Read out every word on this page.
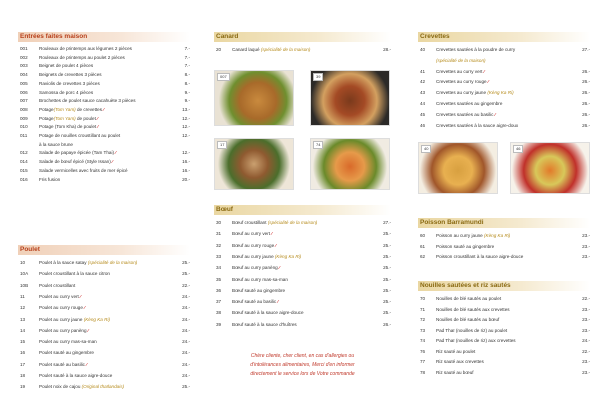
Entrées faites maison
001	Rouleaux de printemps aux légumes 2 pièces	7.-
002	Rouleaux de printemps au poulet 2 pièces	7.-
003	Beignet de poulet 4 pièces	7.-
004	Beignets de crevettes 3 pièces	8.-
005	Raviolis de crevettes 3 pièces	8.-
006	Samossa de porc 4 pièces	9.-
007	Brochettes de poulet sauce cacahuète 3 pièces	9.-
008	Potage(Tom Yam) de crevettes ⁄	13.-
009	Potage(Tom Yam) de poulet ⁄	12.-
010	Potage (Tom Kha) de poulet ⁄	12.-
011	Potage de nouilles croustillant au poulet	12.-
à la sauce brune
012	Salade de papaye épicée (Tam Thai) ⁄	12.-
014	Salade de bœuf épicé (Style Issan) ⁄	16.-
015	Salade vermicelles avec fruits de mer épicé	16.-
016	Fris fusion	20.-
Poulet
10	Poulet à la sauce satay (spécialité de la maison)	25.-
10A	Poulet croustillant à la sauce citron	25.-
10B	Poulet croustillant	22.-
11	Poulet au curry vert ⁄	24.-
12	Poulet au curry rouge ⁄	24.-
13	Poulet au curry jaune (Kèng Ka Ri)	24.-
14	Poulet au curry panèng ⁄	24.-
15	Poulet au curry mas-sa-man	24.-
16	Poulet sauté au gingembre	24.-
17	Poulet sauté au basilic ⁄	24.-
18	Poulet sauté à la sauce aigre-douce	24.-
19	Poulet noix de cajou (Original thaïlandais)	25.-
Canard
20	Canard laqué (spécialité de la maison)	28.-
007	39
17	74
Bœuf
30	Bœuf croustillant (spécialité de la maison)	27.-
31	Bœuf au curry vert ⁄	25.-
32	Bœuf au curry rouge ⁄	25.-
33	Bœuf au curry jaune (Kèng Ka Ri)	25.-
34	Bœuf au curry panèng ⁄	25.-
35	Bœuf au curry mas-sa-man	25.-
36	Bœuf sauté au gingembre	25.-
37	Bœuf sauté au basilic ⁄	25.-
38	Bœuf sauté à la sauce aigre-douce	25.-
39	Bœuf sauté à la sauce d'huîtres	26.-
Chère cliente, cher client, en cas d'allergies ou
d'intolérances alimentaires, Merci d'en informer
directement le service lors de Votre commande
Crevettes
40	Crevettes sautées à la poudre de curry	27.-
(spécialité de la maison)
41	Crevettes au curry vert ⁄	26.-
42	Crevettes au curry rouge ⁄	26.-
43	Crevettes au curry jaune (Kèng Ka Ri)	26.-
44	Crevettes sautées au gingembre	26.-
45	Crevettes sautées au basilic ⁄	26.-
46	Crevettes sautées à la sauce aigre-doux	26.-
40	46
Poisson Barramundi
60	Poisson au curry jaune (Kèng Ka Ri)	23.-
61	Poisson sauté au gingembre	23.-
62	Poisson croustillant à la sauce aigre-douce	23.-
Nouilles sautées et riz sautés
70	Nouilles de blé sautés au poulet	22.-
71	Nouilles de blé sautés aux crevettes	23.-
72	Nouilles de blé sautés au bœuf	23.-
73	Pad Thaï (nouilles de riz) au poulet	23.-
74	Pad Thaï (nouilles de riz) aux crevettes	24.-
76	Riz sauté au poulet	22.-
77	Riz sauté aux crevettes	23.-
78	Riz sauté au bœuf	23.-
